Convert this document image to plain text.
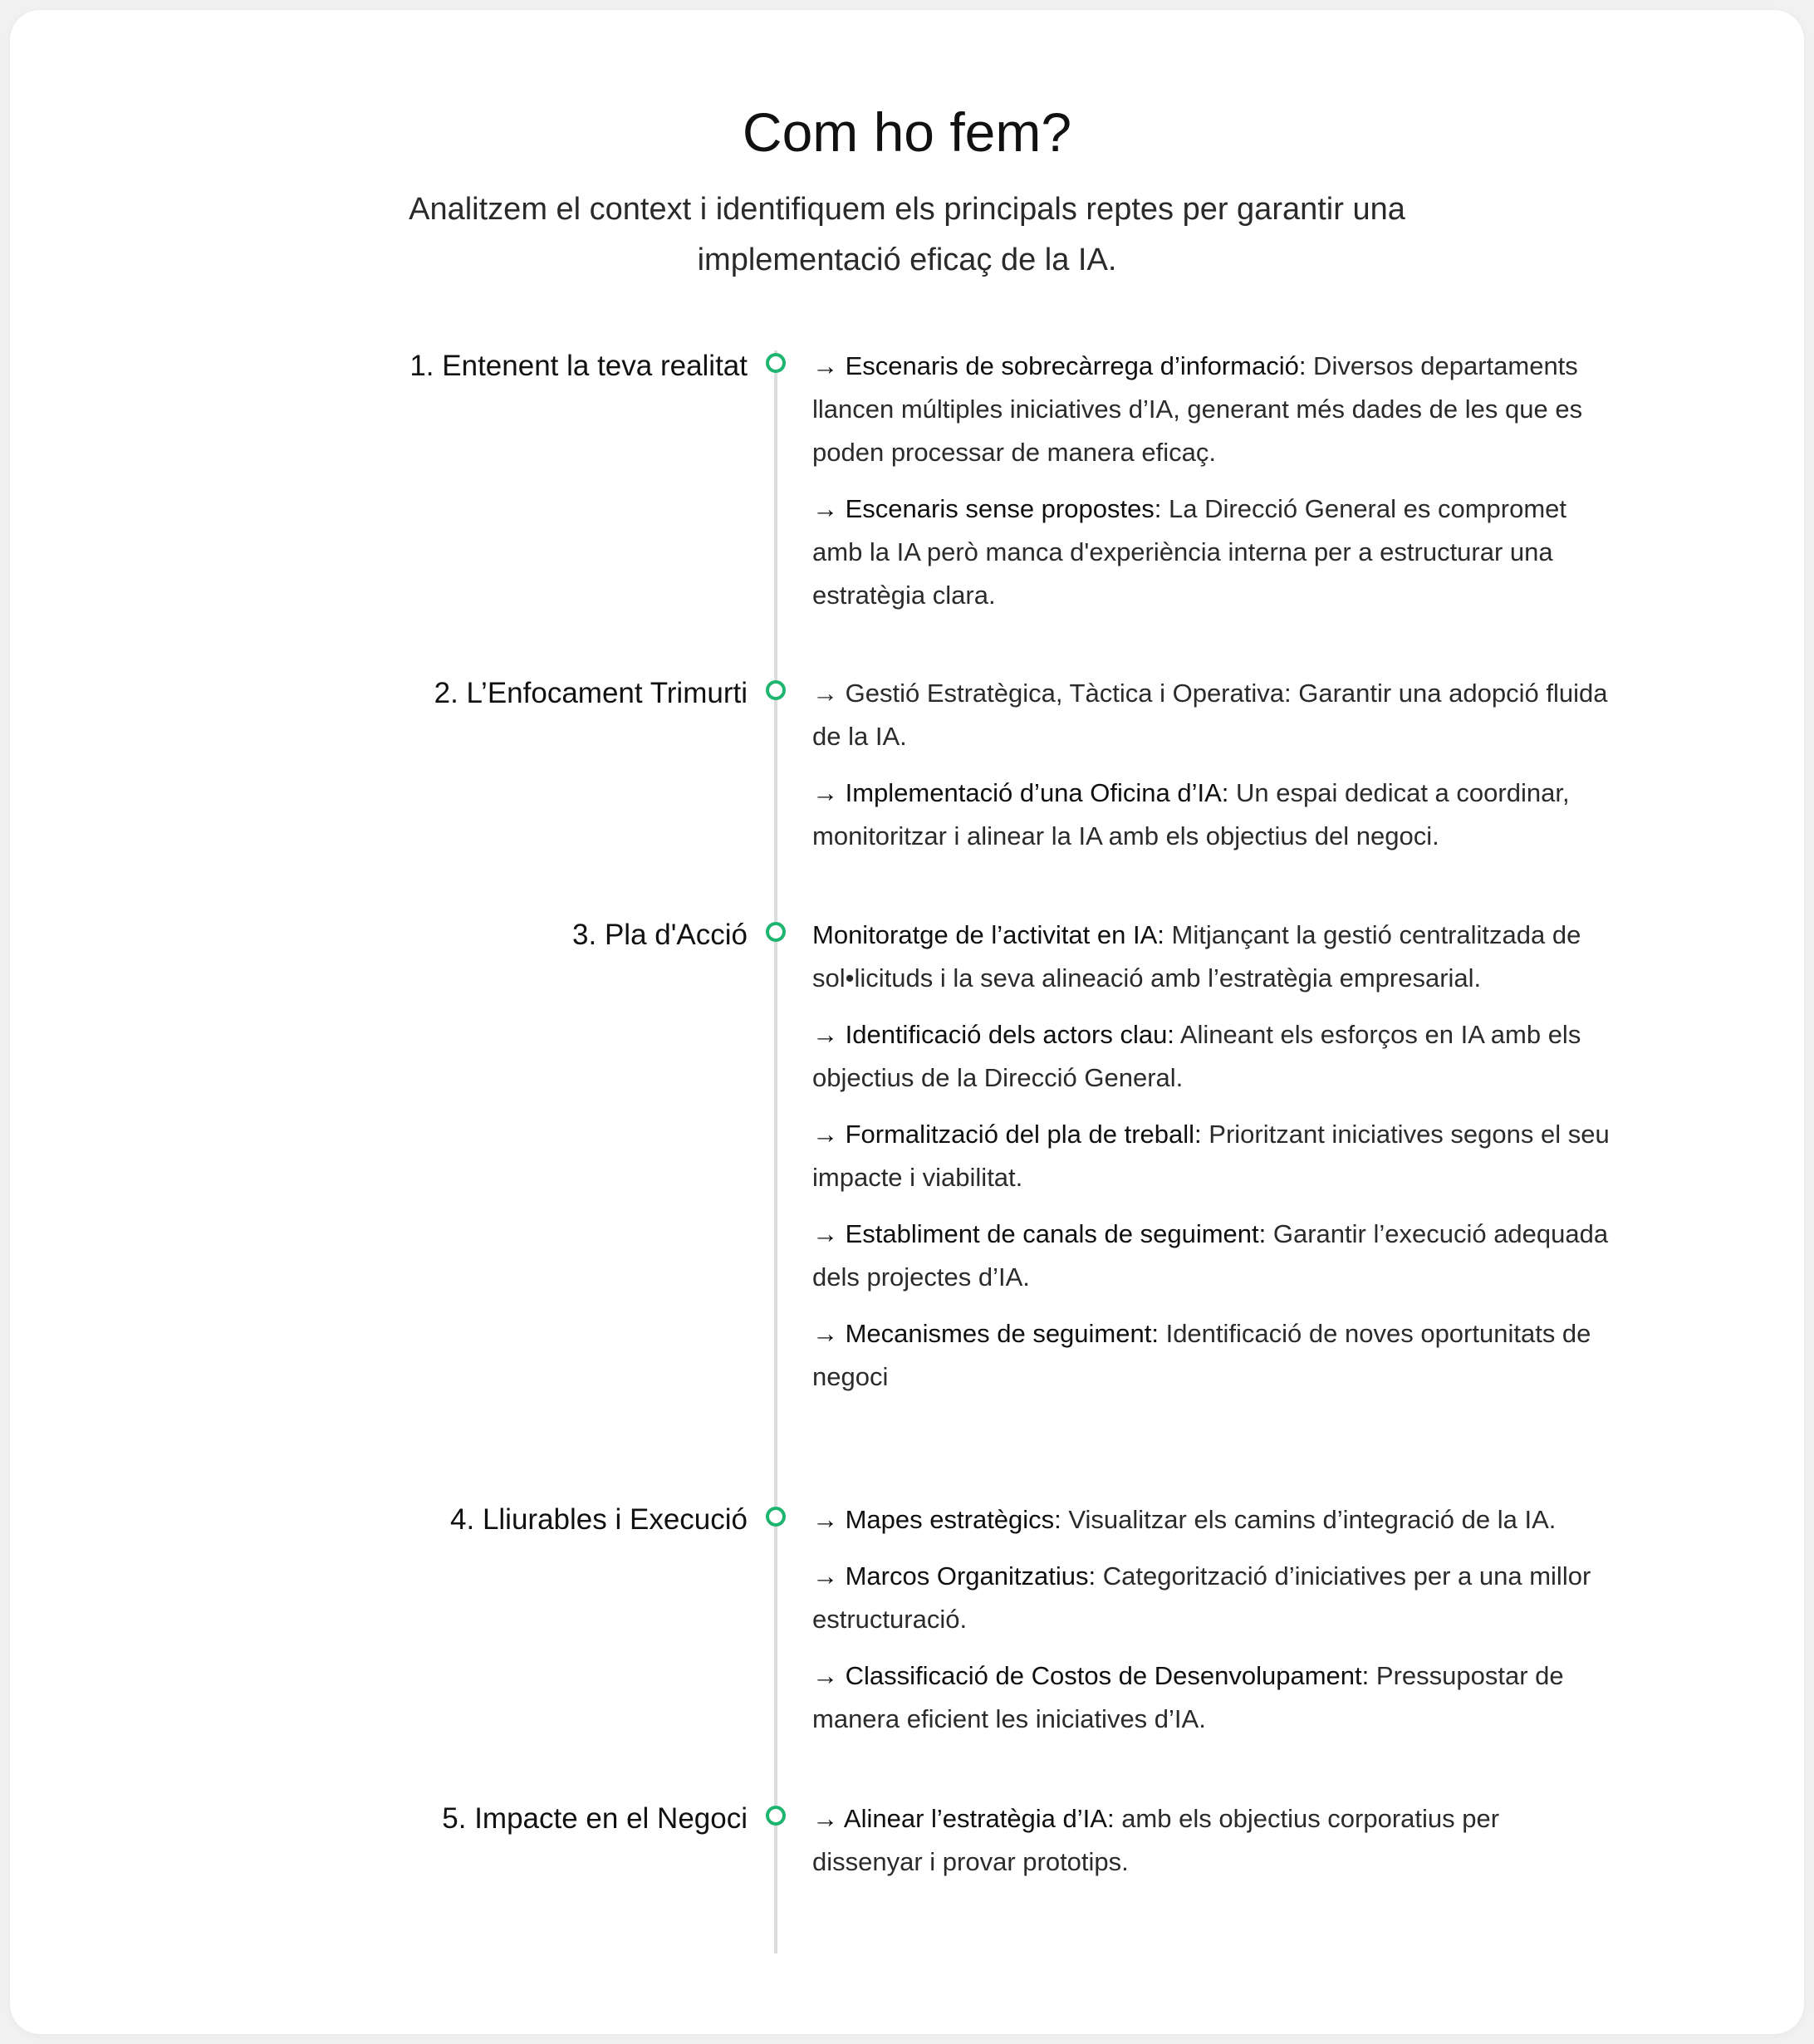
Com ho fem?

Analitzem el context i identifiquem els principals reptes per garantir una implementació eficaç de la IA.

1. Entenent la teva realitat	→ Escenaris de sobrecàrrega d’informació: Diversos departaments llancen múltiples iniciatives d’IA, generant més dades de les que es poden processar de manera eficaç.

→ Escenaris sense propostes: La Direcció General es compromet amb la IA però manca d'experiència interna per a estructurar una estratègia clara.

2. L’Enfocament Trimurti	→ Gestió Estratègica, Tàctica i Operativa: Garantir una adopció fluida de la IA.

→ Implementació d’una Oficina d’IA: Un espai dedicat a coordinar, monitoritzar i alinear la IA amb els objectius del negoci.

3. Pla d'Acció	Monitoratge de l’activitat en IA: Mitjançant la gestió centralitzada de sol•licituds i la seva alineació amb l’estratègia empresarial.

→ Identificació dels actors clau: Alineant els esforços en IA amb els objectius de la Direcció General.

→ Formalització del pla de treball: Prioritzant iniciatives segons el seu impacte i viabilitat.

→ Establiment de canals de seguiment: Garantir l’execució adequada dels projectes d’IA.

→ Mecanismes de seguiment: Identificació de noves oportunitats de negoci

4. Lliurables i Execució	→ Mapes estratègics: Visualitzar els camins d’integració de la IA.

→ Marcos Organitzatius: Categorització d’iniciatives per a una millor estructuració.

→ Classificació de Costos de Desenvolupament: Pressupostar de manera eficient les iniciatives d’IA.

5. Impacte en el Negoci	→ Alinear l’estratègia d’IA: amb els objectius corporatius per dissenyar i provar prototips.
